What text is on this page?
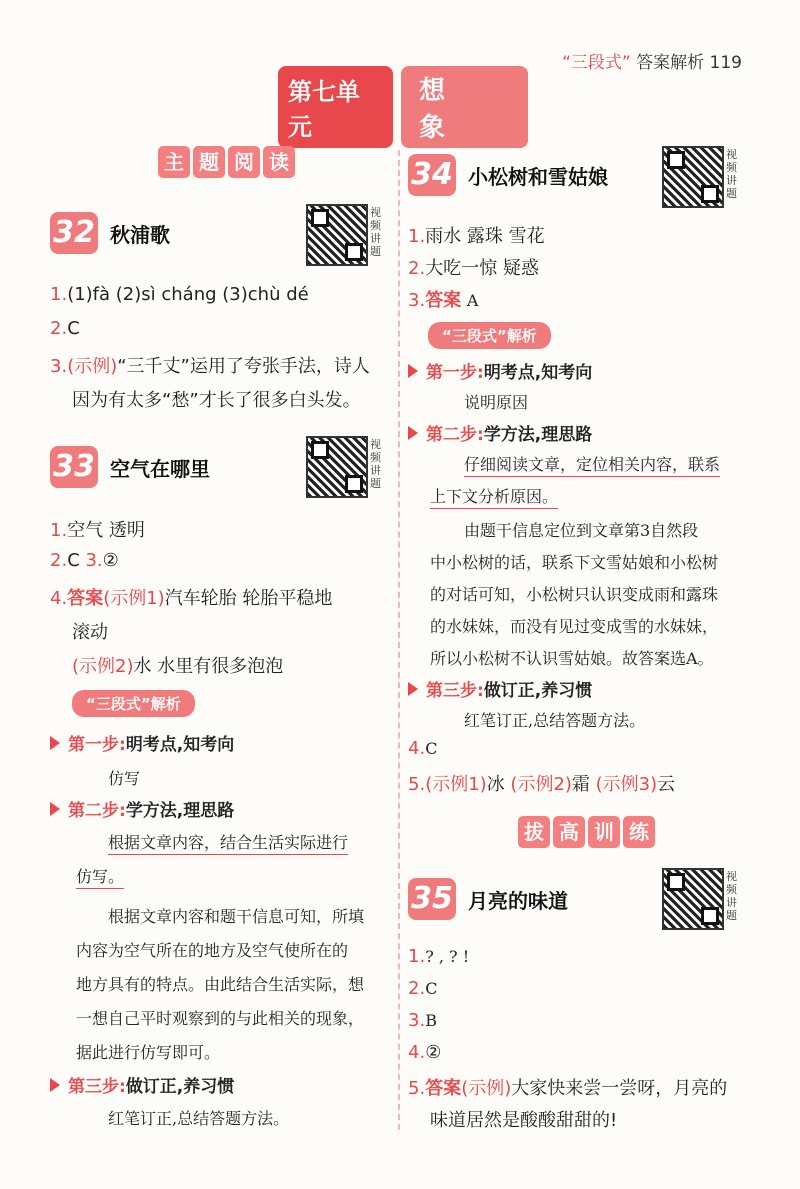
“三段式” 答案解析 119
第七单元
想象
主 题 阅 读
32 秋浦歌
视频讲题
1.(1)fà (2)sì cháng (3)chù dé
2.C
3.(示例)“三千丈”运用了夸张手法，诗人
因为有太多“愁”才长了很多白头发。
33 空气在哪里
视频讲题
1.空气 透明
2.C 3.②
4.答案(示例1)汽车轮胎 轮胎平稳地
滚动
(示例2)水 水里有很多泡泡
“三段式”解析
第一步: 明考点,知考向
仿写
第二步: 学方法,理思路
根据文章内容，结合生活实际进行
仿写。
根据文章内容和题干信息可知，所填
内容为空气所在的地方及空气使所在的
地方具有的特点。由此结合生活实际，想
一想自己平时观察到的与此相关的现象，
据此进行仿写即可。
第三步: 做订正,养习惯
红笔订正,总结答题方法。
34 小松树和雪姑娘
视频讲题
1.雨水 露珠 雪花
2.大吃一惊 疑惑
3.答案 A
“三段式”解析
第一步: 明考点,知考向
说明原因
第二步: 学方法,理思路
仔细阅读文章，定位相关内容，联系
上下文分析原因。
由题干信息定位到文章第3自然段
中小松树的话，联系下文雪姑娘和小松树
的对话可知，小松树只认识变成雨和露珠
的水妹妹，而没有见过变成雪的水妹妹，
所以小松树不认识雪姑娘。故答案选A。
第三步: 做订正,养习惯
红笔订正,总结答题方法。
4.C
5.(示例1)冰 (示例2)霜 (示例3)云
拔 高 训 练
35 月亮的味道
视频讲题
1.? , ? !
2.C
3.B
4.②
5.答案(示例)大家快来尝一尝呀，月亮的
味道居然是酸酸甜甜的!
